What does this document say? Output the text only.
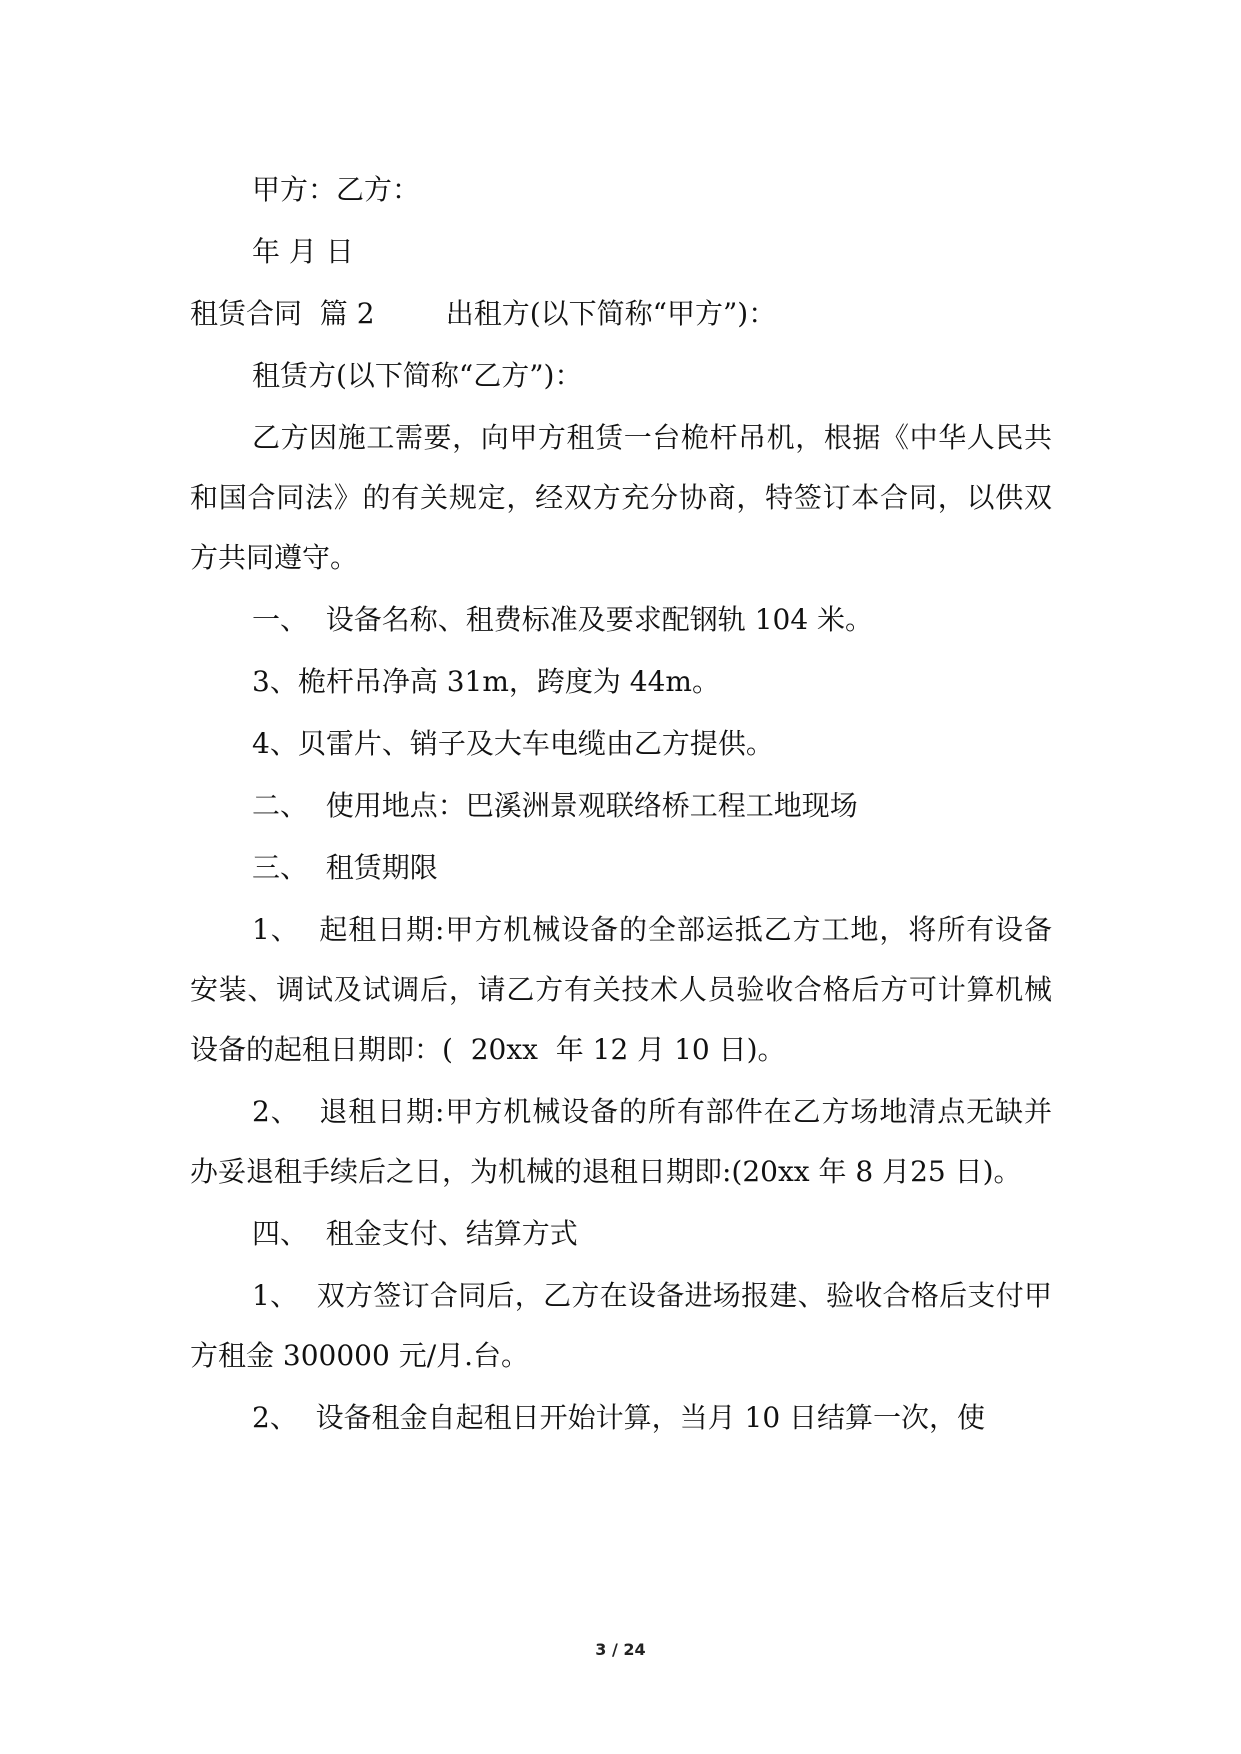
甲方：乙方：

年 月 日

租赁合同  篇 2        出租方(以下简称“甲方”)：

租赁方(以下简称“乙方”)：

乙方因施工需要，向甲方租赁一台桅杆吊机，根据《中华人民共和国合同法》的有关规定，经双方充分协商，特签订本合同，以供双方共同遵守。

一、  设备名称、租费标准及要求配钢轨 104 米。

3、桅杆吊净高 31m，跨度为 44m。

4、贝雷片、销子及大车电缆由乙方提供。

二、  使用地点：巴溪洲景观联络桥工程工地现场

三、  租赁期限

1、  起租日期:甲方机械设备的全部运抵乙方工地，将所有设备安装、调试及试调后，请乙方有关技术人员验收合格后方可计算机械设备的起租日期即：(  20xx  年 12 月 10 日)。

2、  退租日期:甲方机械设备的所有部件在乙方场地清点无缺并办妥退租手续后之日，为机械的退租日期即:(20xx 年 8 月25 日)。

四、  租金支付、结算方式

1、  双方签订合同后，乙方在设备进场报建、验收合格后支付甲方租金 300000 元/月.台。

2、  设备租金自起租日开始计算，当月 10 日结算一次，使

3 / 24
